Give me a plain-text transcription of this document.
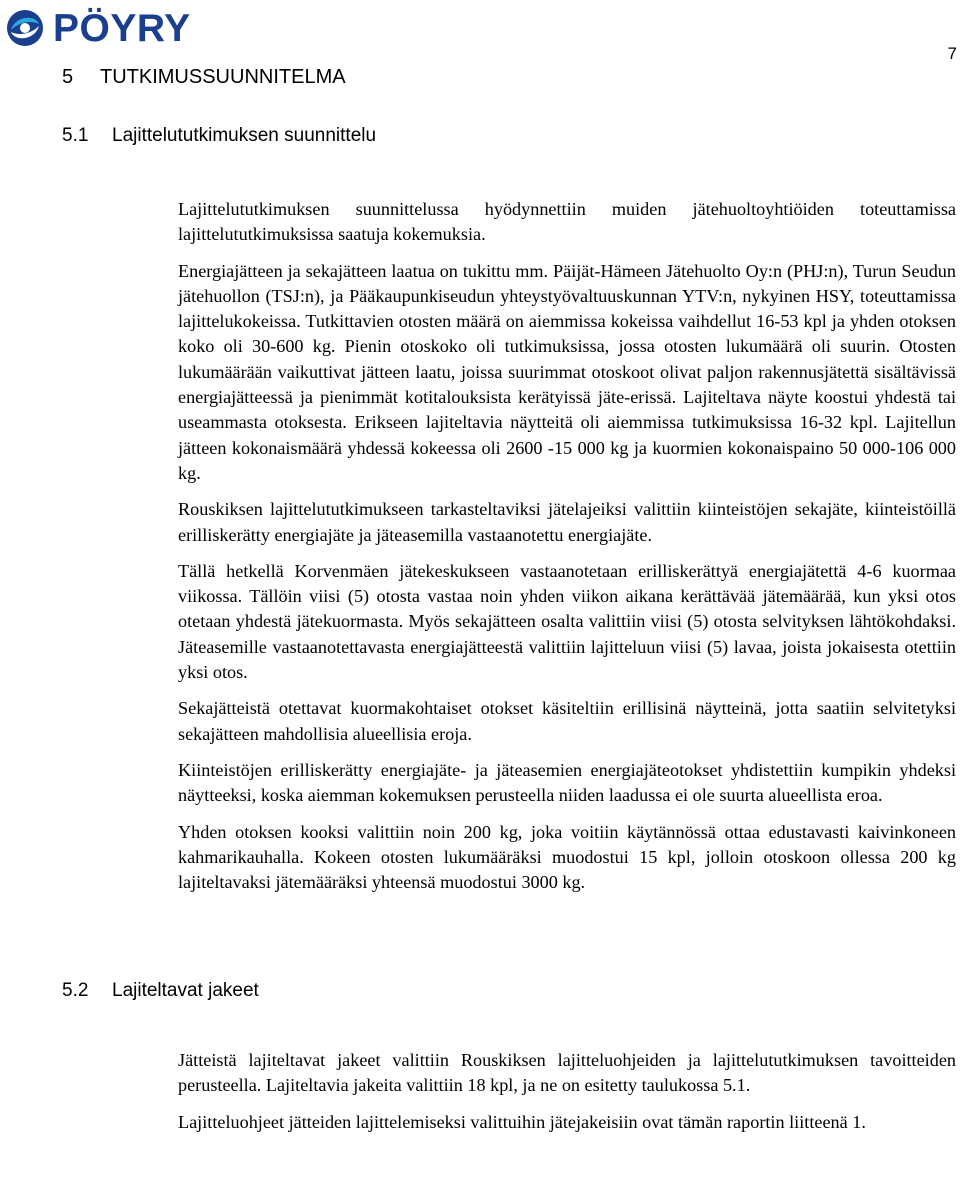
PÖYRY
7
5	TUTKIMUSSUUNNITELMA
5.1	Lajittelututkimuksen suunnittelu

Lajittelututkimuksen suunnittelussa hyödynnettiin muiden jätehuoltoyhtiöiden toteuttamissa lajittelututkimuksissa saatuja kokemuksia.

Energiajätteen ja sekajätteen laatua on tukittu mm. Päijät-Hämeen Jätehuolto Oy:n (PHJ:n), Turun Seudun jätehuollon (TSJ:n), ja Pääkaupunkiseudun yhteystyövaltuuskunnan YTV:n, nykyinen HSY, toteuttamissa lajittelukokeissa. Tutkittavien otosten määrä on aiemmissa kokeissa vaihdellut 16-53 kpl ja yhden otoksen koko oli 30-600 kg. Pienin otoskoko oli tutkimuksissa, jossa otosten lukumäärä oli suurin. Otosten lukumäärään vaikuttivat jätteen laatu, joissa suurimmat otoskoot olivat paljon rakennusjätettä sisältävissä energiajätteessä ja pienimmät kotitalouksista kerätyissä jäte-erissä. Lajiteltava näyte koostui yhdestä tai useammasta otoksesta. Erikseen lajiteltavia näytteitä oli aiemmissa tutkimuksissa 16-32 kpl. Lajitellun jätteen kokonaismäärä yhdessä kokeessa oli 2600 -15 000 kg ja kuormien kokonaispaino 50 000-106 000 kg.

Rouskiksen lajittelututkimukseen tarkasteltaviksi jätelajeiksi valittiin kiinteistöjen sekajäte, kiinteistöillä erilliskerätty energiajäte ja jäteasemilla vastaanotettu energiajäte.

Tällä hetkellä Korvenmäen jätekeskukseen vastaanotetaan erilliskerättyä energiajätettä 4-6 kuormaa viikossa. Tällöin viisi (5) otosta vastaa noin yhden viikon aikana kerättävää jätemäärää, kun yksi otos otetaan yhdestä jätekuormasta. Myös sekajätteen osalta valittiin viisi (5) otosta selvityksen lähtökohdaksi. Jäteasemille vastaanotettavasta energiajätteestä valittiin lajitteluun viisi (5) lavaa, joista jokaisesta otettiin yksi otos.

Sekajätteistä otettavat kuormakohtaiset otokset käsiteltiin erillisinä näytteinä, jotta saatiin selvitetyksi sekajätteen mahdollisia alueellisia eroja.

Kiinteistöjen erilliskerätty energiajäte- ja jäteasemien energiajäteotokset yhdistettiin kumpikin yhdeksi näytteeksi, koska aiemman kokemuksen perusteella niiden laadussa ei ole suurta alueellista eroa.

Yhden otoksen kooksi valittiin noin 200 kg, joka voitiin käytännössä ottaa edustavasti kaivinkoneen kahmarikauhalla. Kokeen otosten lukumääräksi muodostui 15 kpl, jolloin otoskoon ollessa 200 kg lajiteltavaksi jätemääräksi yhteensä muodostui 3000 kg.

5.2	Lajiteltavat jakeet

Jätteistä lajiteltavat jakeet valittiin Rouskiksen lajitteluohjeiden ja lajittelututkimuksen tavoitteiden perusteella. Lajiteltavia jakeita valittiin 18 kpl, ja ne on esitetty taulukossa 5.1.

Lajitteluohjeet jätteiden lajittelemiseksi valittuihin jätejakeisiin ovat tämän raportin liitteenä 1.
